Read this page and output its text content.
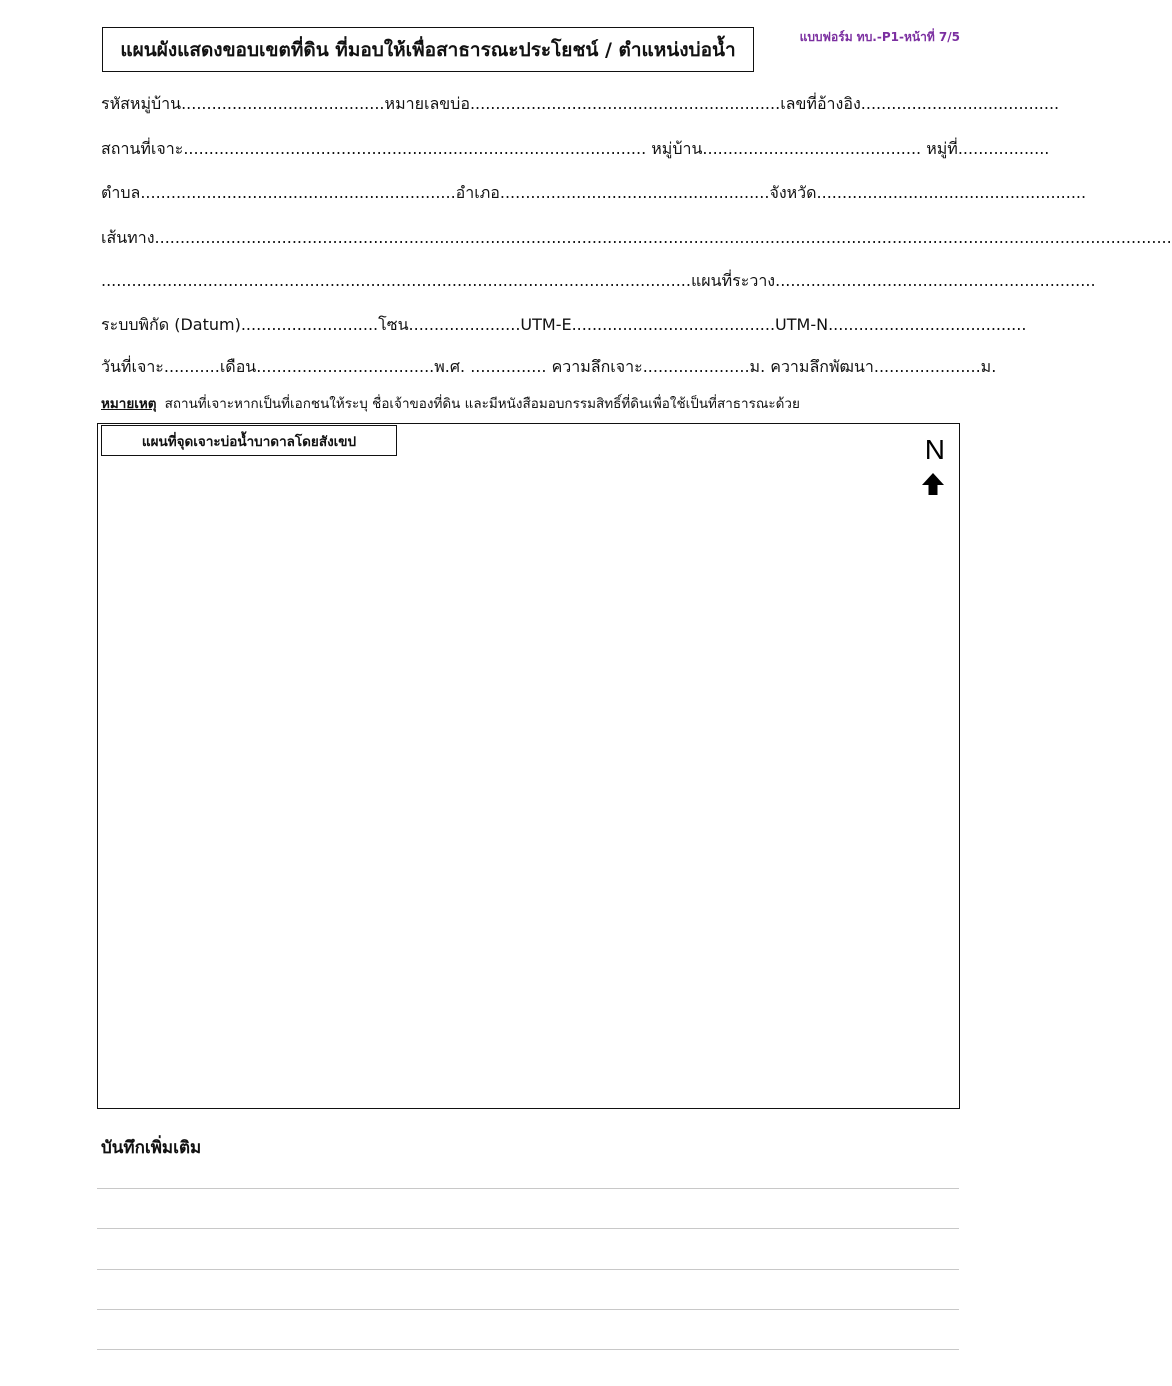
แบบฟอร์ม ทบ.-P1-หน้าที่ 7/5
แผนผังแสดงขอบเขตที่ดิน ที่มอบให้เพื่อสาธารณะประโยชน์ / ตำแหน่งบ่อน้ำ
รหัสหมู่บ้าน........................................หมายเลขบ่อ.............................................................เลขที่อ้างอิง.......................................
สถานที่เจาะ........................................................................................... หมู่บ้าน........................................... หมู่ที่..................
ตำบล..............................................................อำเภอ.....................................................จังหวัด.....................................................
เส้นทาง........................................................................................................................................................................................................
....................................................................................................................แผนที่ระวาง...............................................................
ระบบพิกัด (Datum)...........................โซน......................UTM-E........................................UTM-N.......................................
วันที่เจาะ...........เดือน...................................พ.ศ. ............... ความลึกเจาะ.....................ม. ความลึกพัฒนา.....................ม.
หมายเหตุ สถานที่เจาะหากเป็นที่เอกชนให้ระบุ ชื่อเจ้าของที่ดิน และมีหนังสือมอบกรรมสิทธิ์ที่ดินเพื่อใช้เป็นที่สาธารณะด้วย
แผนที่จุดเจาะบ่อน้ำบาดาลโดยสังเขป	N
บันทึกเพิ่มเติม
